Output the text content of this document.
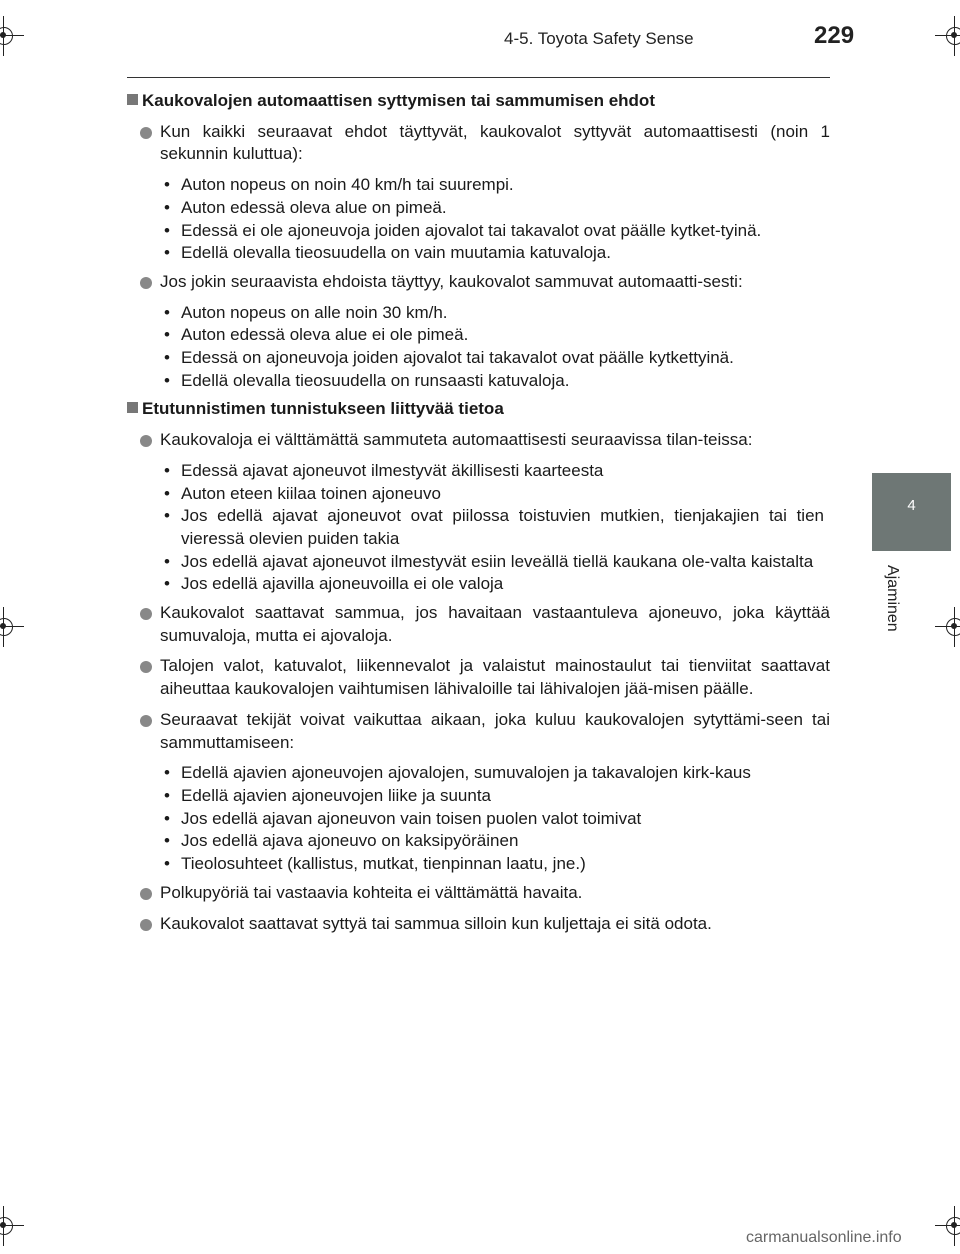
4-5. Toyota Safety Sense	229
4
Ajaminen
Kaukovalojen automaattisen syttymisen tai sammumisen ehdot
Kun kaikki seuraavat ehdot täyttyvät, kaukovalot syttyvät automaattisesti (noin 1 sekunnin kuluttua):
• Auton nopeus on noin 40 km/h tai suurempi.
• Auton edessä oleva alue on pimeä.
• Edessä ei ole ajoneuvoja joiden ajovalot tai takavalot ovat päälle kytket-tyinä.
• Edellä olevalla tieosuudella on vain muutamia katuvaloja.
Jos jokin seuraavista ehdoista täyttyy, kaukovalot sammuvat automaatti-sesti:
• Auton nopeus on alle noin 30 km/h.
• Auton edessä oleva alue ei ole pimeä.
• Edessä on ajoneuvoja joiden ajovalot tai takavalot ovat päälle kytkettyinä.
• Edellä olevalla tieosuudella on runsaasti katuvaloja.
Etutunnistimen tunnistukseen liittyvää tietoa
Kaukovaloja ei välttämättä sammuteta automaattisesti seuraavissa tilan-teissa:
• Edessä ajavat ajoneuvot ilmestyvät äkillisesti kaarteesta
• Auton eteen kiilaa toinen ajoneuvo
• Jos edellä ajavat ajoneuvot ovat piilossa toistuvien mutkien, tienjakajien tai tien vieressä olevien puiden takia
• Jos edellä ajavat ajoneuvot ilmestyvät esiin leveällä tiellä kaukana ole-valta kaistalta
• Jos edellä ajavilla ajoneuvoilla ei ole valoja
Kaukovalot saattavat sammua, jos havaitaan vastaantuleva ajoneuvo, joka käyttää sumuvaloja, mutta ei ajovaloja.
Talojen valot, katuvalot, liikennevalot ja valaistut mainostaulut tai tienviitat saattavat aiheuttaa kaukovalojen vaihtumisen lähivaloille tai lähivalojen jää-misen päälle.
Seuraavat tekijät voivat vaikuttaa aikaan, joka kuluu kaukovalojen sytyttämi-seen tai sammuttamiseen:
• Edellä ajavien ajoneuvojen ajovalojen, sumuvalojen ja takavalojen kirk-kaus
• Edellä ajavien ajoneuvojen liike ja suunta
• Jos edellä ajavan ajoneuvon vain toisen puolen valot toimivat
• Jos edellä ajava ajoneuvo on kaksipyöräinen
• Tieolosuhteet (kallistus, mutkat, tienpinnan laatu, jne.)
Polkupyöriä tai vastaavia kohteita ei välttämättä havaita.
Kaukovalot saattavat syttyä tai sammua silloin kun kuljettaja ei sitä odota.
carmanualsonline.info
